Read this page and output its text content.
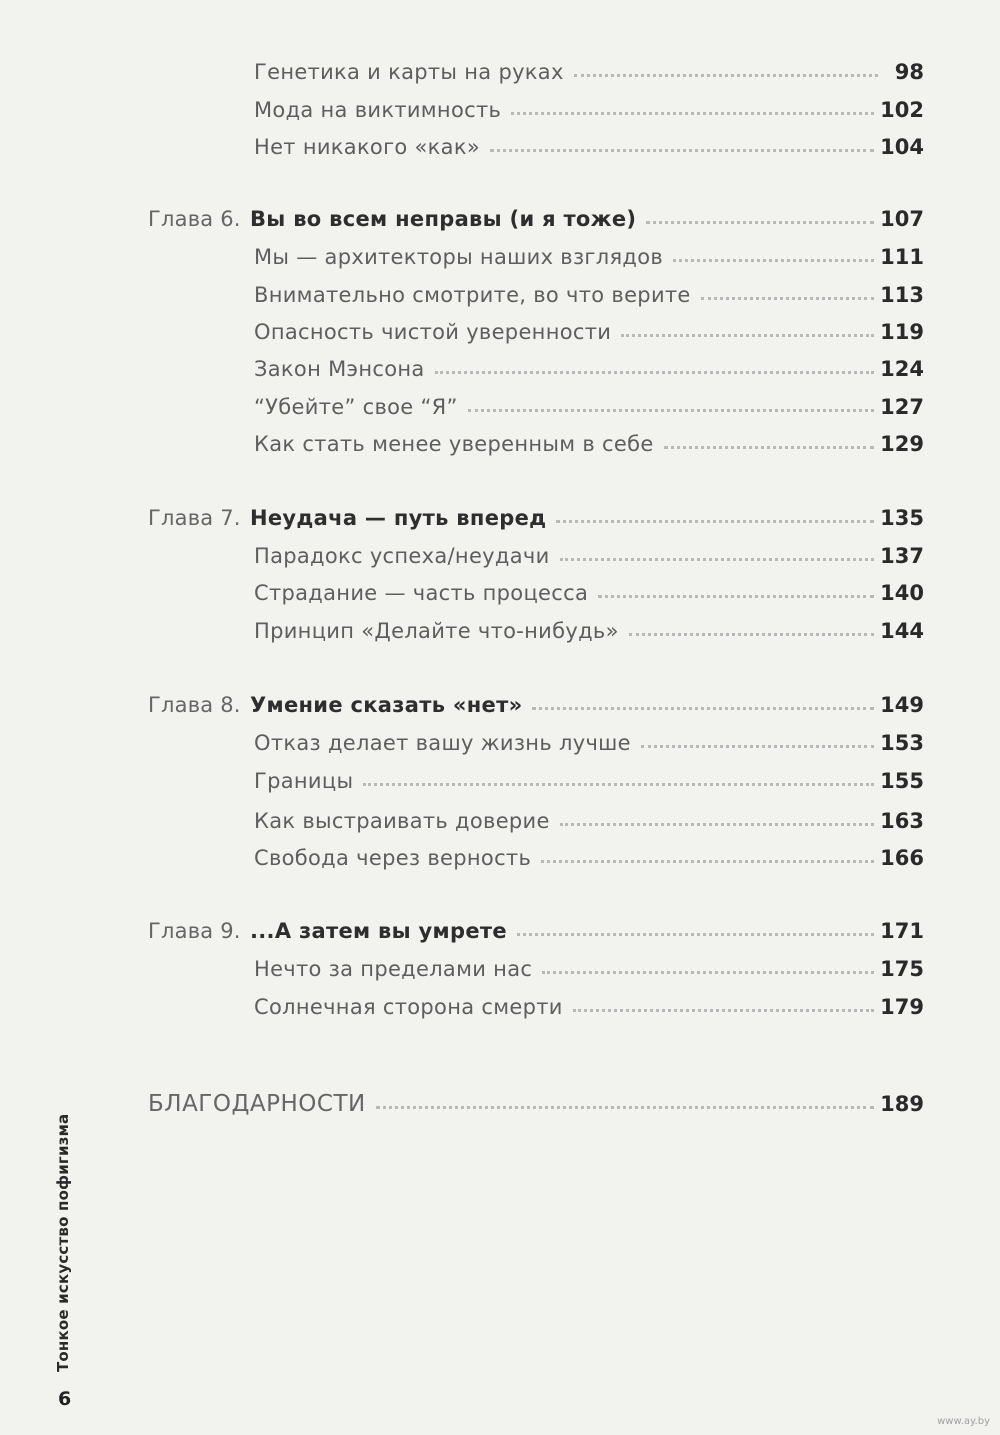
Генетика и карты на руках	98
Мода на виктимность	102
Нет никакого «как»	104
Глава 6. Вы во всем неправы (и я тоже)	107
Мы — архитекторы наших взглядов	111
Внимательно смотрите, во что верите	113
Опасность чистой уверенности	119
Закон Мэнсона	124
“Убейте” свое “Я”	127
Как стать менее уверенным в себе	129
Глава 7. Неудача — путь вперед	135
Парадокс успеха/неудачи	137
Страдание — часть процесса	140
Принцип «Делайте что-нибудь»	144
Глава 8. Умение сказать «нет»	149
Отказ делает вашу жизнь лучше	153
Границы	155
Как выстраивать доверие	163
Свобода через верность	166
Глава 9. ...А затем вы умрете	171
Нечто за пределами нас	175
Солнечная сторона смерти	179
БЛАГОДАРНОСТИ	189
Тонкое искусство пофигизма
6
www.ay.by
